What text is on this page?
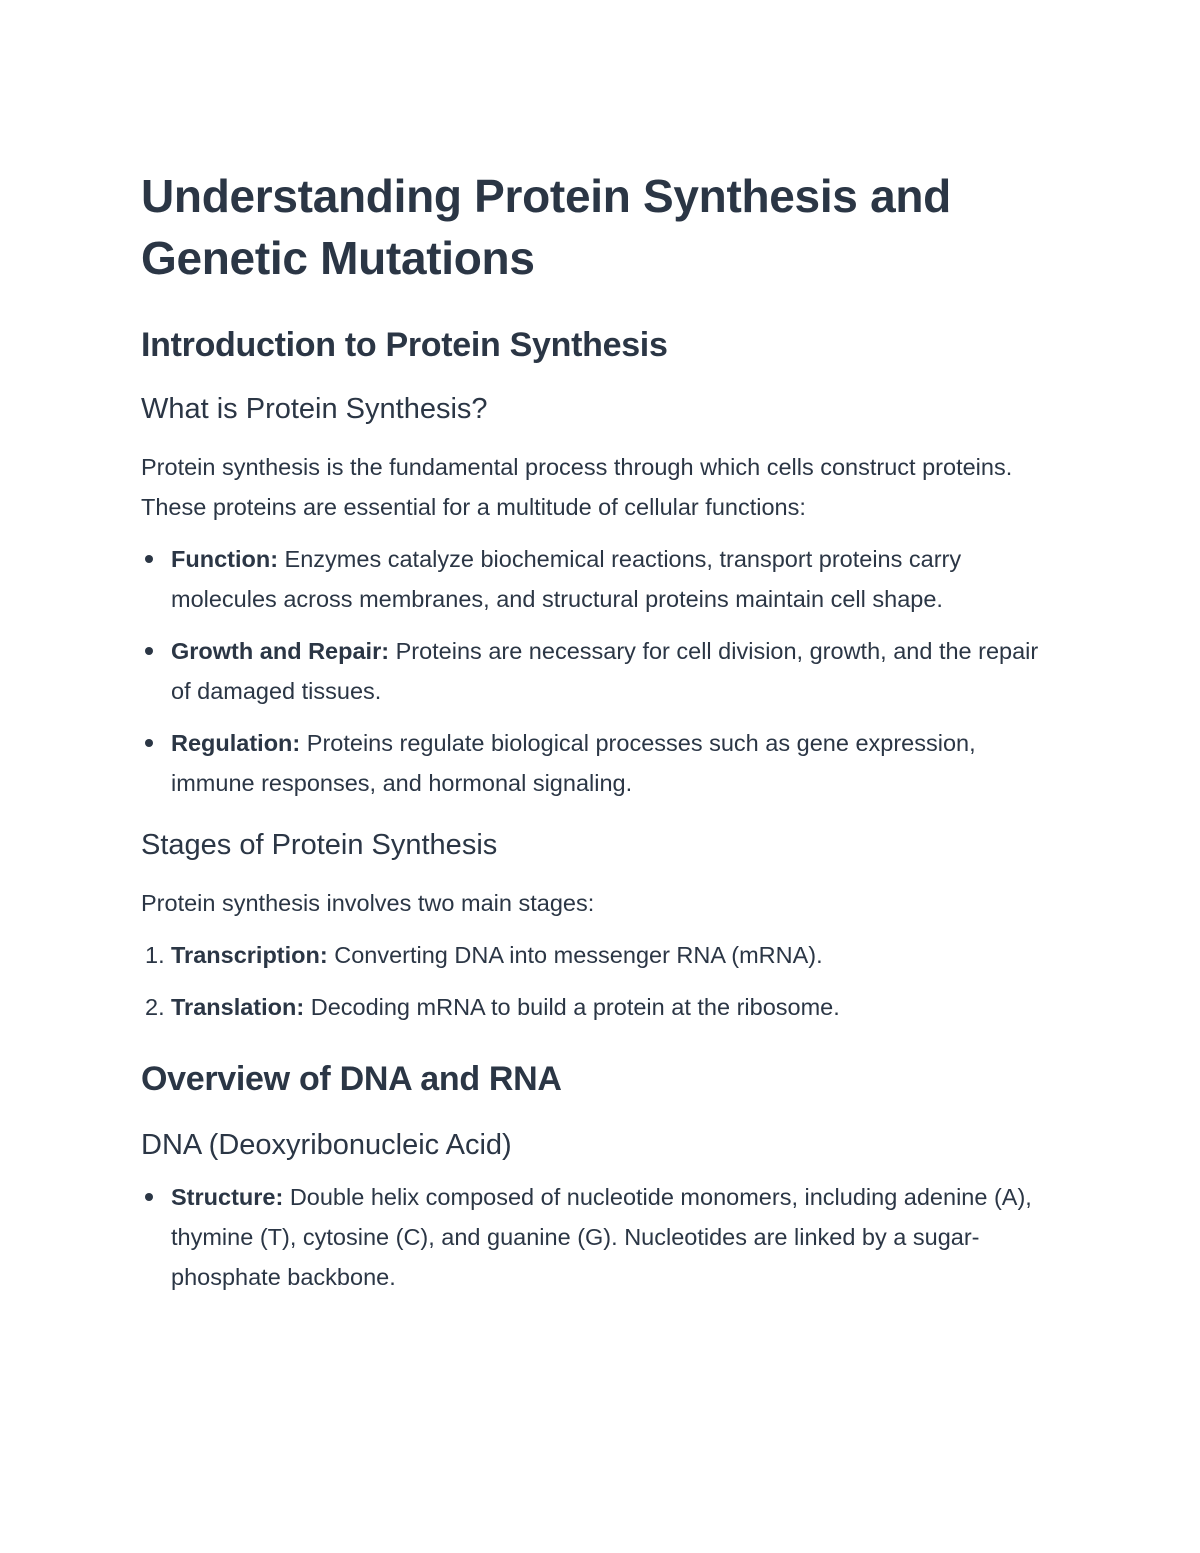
Understanding Protein Synthesis and Genetic Mutations
Introduction to Protein Synthesis
What is Protein Synthesis?

Protein synthesis is the fundamental process through which cells construct proteins. These proteins are essential for a multitude of cellular functions:

Function: Enzymes catalyze biochemical reactions, transport proteins carry molecules across membranes, and structural proteins maintain cell shape.
Growth and Repair: Proteins are necessary for cell division, growth, and the repair of damaged tissues.
Regulation: Proteins regulate biological processes such as gene expression, immune responses, and hormonal signaling.
Stages of Protein Synthesis

Protein synthesis involves two main stages:

1. Transcription: Converting DNA into messenger RNA (mRNA).
2. Translation: Decoding mRNA to build a protein at the ribosome.
Overview of DNA and RNA
DNA (Deoxyribonucleic Acid)
Structure: Double helix composed of nucleotide monomers, including adenine (A), thymine (T), cytosine (C), and guanine (G). Nucleotides are linked by a sugar-phosphate backbone.
